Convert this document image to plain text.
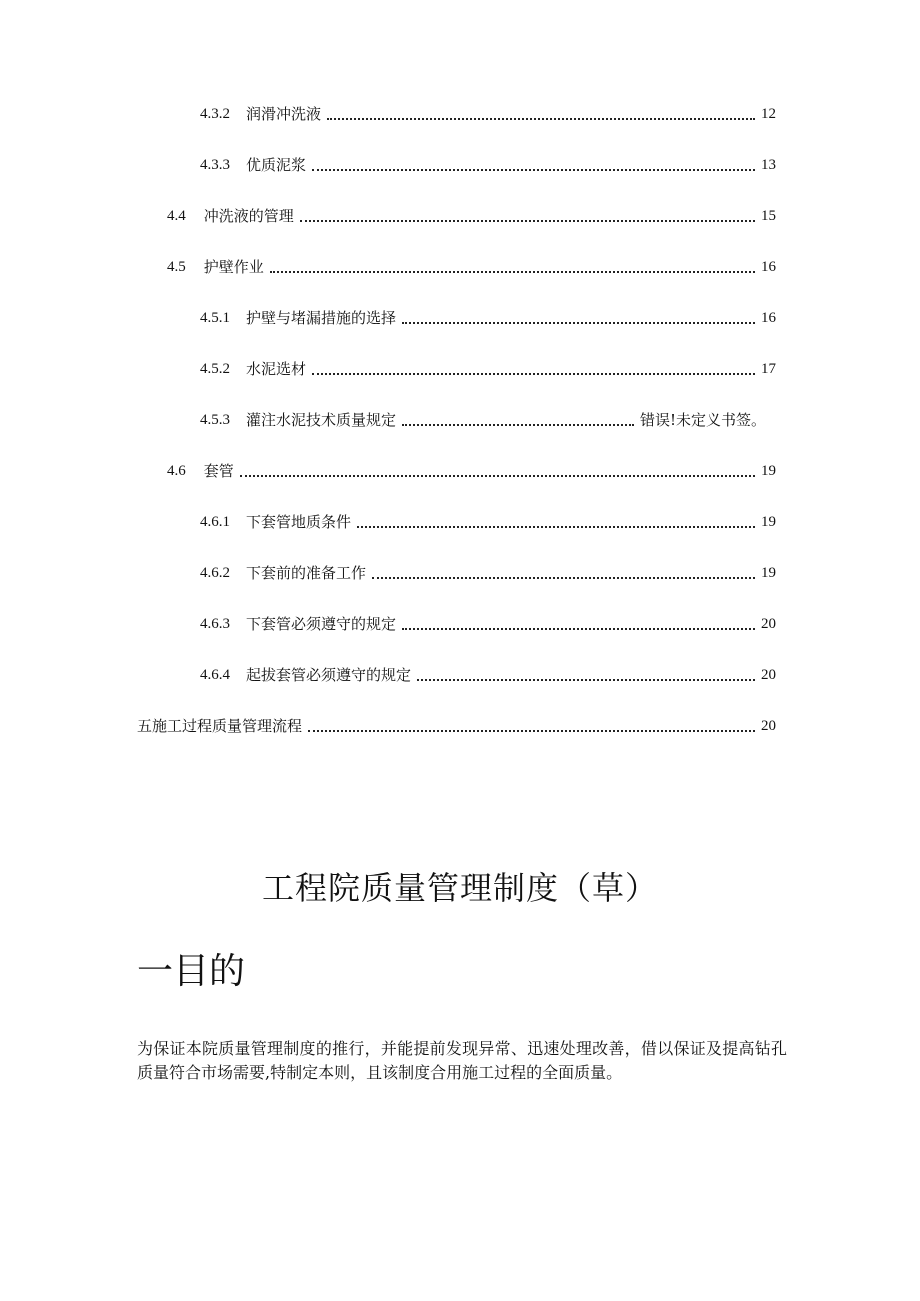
4.3.2 润滑冲洗液	12
4.3.3 优质泥浆	13
4.4 冲洗液的管理	15
4.5 护壁作业	16
4.5.1 护壁与堵漏措施的选择	16
4.5.2 水泥选材	17
4.5.3 灌注水泥技术质量规定	错误!未定义书签。
4.6 套管	19
4.6.1 下套管地质条件	19
4.6.2 下套前的准备工作	19
4.6.3 下套管必须遵守的规定	20
4.6.4 起拔套管必须遵守的规定	20
五施工过程质量管理流程	20
工程院质量管理制度（草）
一目的
为保证本院质量管理制度的推行，并能提前发现异常、迅速处理改善，借以保证及提高钻孔质量符合市场需要,特制定本则，且该制度合用施工过程的全面质量。
